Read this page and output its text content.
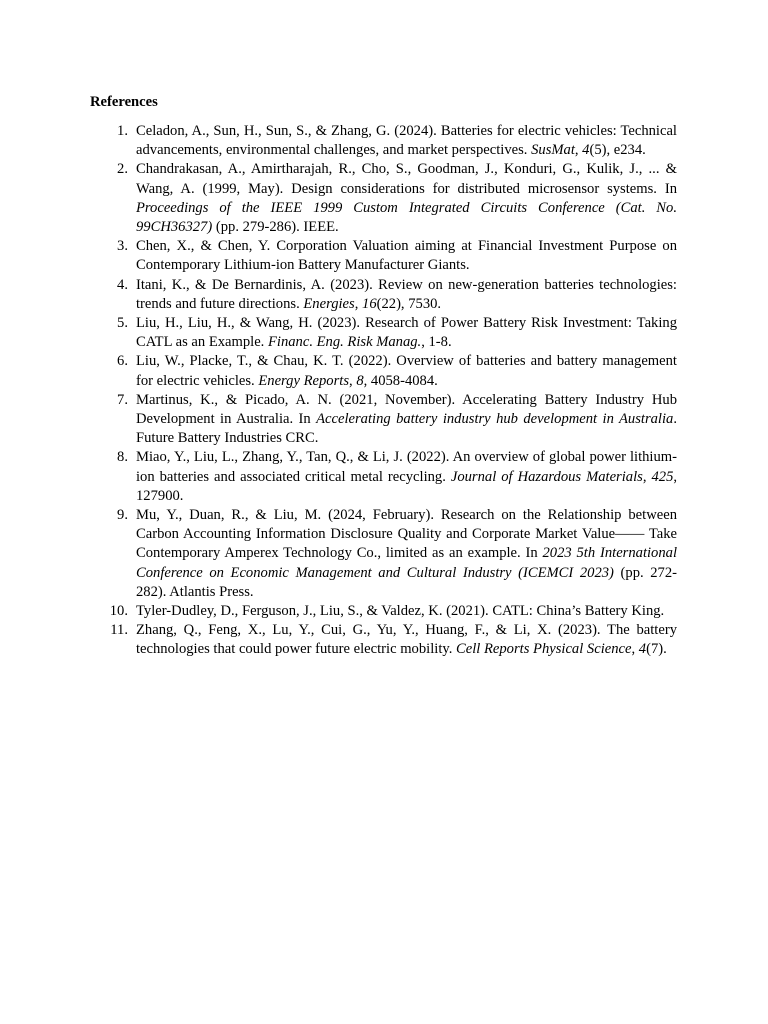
References
1. Celadon, A., Sun, H., Sun, S., & Zhang, G. (2024). Batteries for electric vehicles: Technical advancements, environmental challenges, and market perspectives. SusMat, 4(5), e234.
2. Chandrakasan, A., Amirtharajah, R., Cho, S., Goodman, J., Konduri, G., Kulik, J., ... & Wang, A. (1999, May). Design considerations for distributed microsensor systems. In Proceedings of the IEEE 1999 Custom Integrated Circuits Conference (Cat. No. 99CH36327) (pp. 279-286). IEEE.
3. Chen, X., & Chen, Y. Corporation Valuation aiming at Financial Investment Purpose on Contemporary Lithium-ion Battery Manufacturer Giants.
4. Itani, K., & De Bernardinis, A. (2023). Review on new-generation batteries technologies: trends and future directions. Energies, 16(22), 7530.
5. Liu, H., Liu, H., & Wang, H. (2023). Research of Power Battery Risk Investment: Taking CATL as an Example. Financ. Eng. Risk Manag., 1-8.
6. Liu, W., Placke, T., & Chau, K. T. (2022). Overview of batteries and battery management for electric vehicles. Energy Reports, 8, 4058-4084.
7. Martinus, K., & Picado, A. N. (2021, November). Accelerating Battery Industry Hub Development in Australia. In Accelerating battery industry hub development in Australia. Future Battery Industries CRC.
8. Miao, Y., Liu, L., Zhang, Y., Tan, Q., & Li, J. (2022). An overview of global power lithium-ion batteries and associated critical metal recycling. Journal of Hazardous Materials, 425, 127900.
9. Mu, Y., Duan, R., & Liu, M. (2024, February). Research on the Relationship between Carbon Accounting Information Disclosure Quality and Corporate Market Value—— Take Contemporary Amperex Technology Co., limited as an example. In 2023 5th International Conference on Economic Management and Cultural Industry (ICEMCI 2023) (pp. 272-282). Atlantis Press.
10. Tyler-Dudley, D., Ferguson, J., Liu, S., & Valdez, K. (2021). CATL: China’s Battery King.
11. Zhang, Q., Feng, X., Lu, Y., Cui, G., Yu, Y., Huang, F., & Li, X. (2023). The battery technologies that could power future electric mobility. Cell Reports Physical Science, 4(7).
